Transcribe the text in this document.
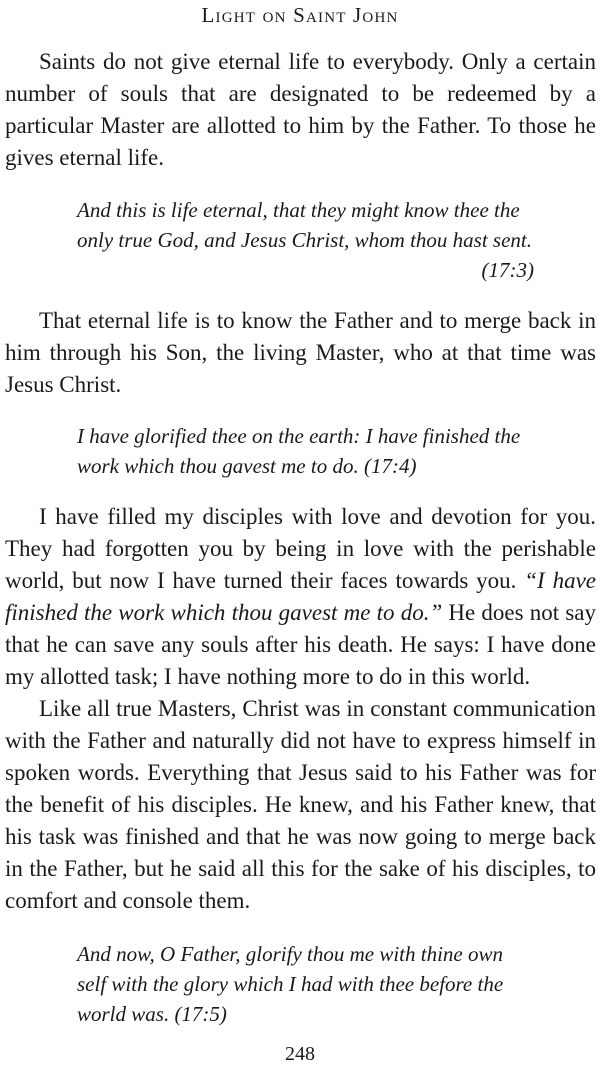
Light on Saint John

Saints do not give eternal life to everybody. Only a certain number of souls that are designated to be redeemed by a particular Master are allotted to him by the Father. To those he gives eternal life.

And this is life eternal, that they might know thee the
only true God, and Jesus Christ, whom thou hast sent.
(17:3)

That eternal life is to know the Father and to merge back in him through his Son, the living Master, who at that time was Jesus Christ.

I have glorified thee on the earth: I have finished the
work which thou gavest me to do. (17:4)

I have filled my disciples with love and devotion for you. They had forgotten you by being in love with the perishable world, but now I have turned their faces towards you. “I have finished the work which thou gavest me to do.” He does not say that he can save any souls after his death. He says: I have done my allotted task; I have nothing more to do in this world.

Like all true Masters, Christ was in constant communication with the Father and naturally did not have to express himself in spoken words. Everything that Jesus said to his Father was for the benefit of his disciples. He knew, and his Father knew, that his task was finished and that he was now going to merge back in the Father, but he said all this for the sake of his disciples, to comfort and console them.

And now, O Father, glorify thou me with thine own
self with the glory which I had with thee before the
world was. (17:5)
248
